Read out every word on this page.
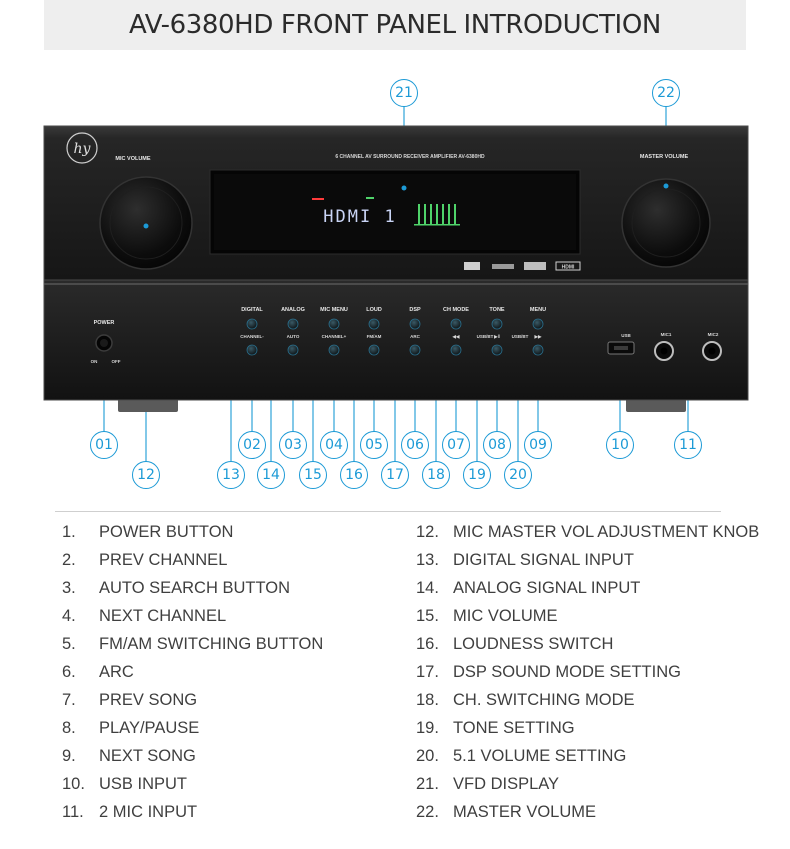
AV-6380HD FRONT PANEL INTRODUCTION
hy
MIC VOLUME	MASTER VOLUME
6 CHANNEL AV SURROUND RECEIVER AMPLIFIER AV-6380HD
HDMI 1
HDMI
POWER
ON	OFF
DIGITAL	ANALOG	MIC MENU	LOUD	DSP	CH MODE	TONE	MENU
CHANNEL-	AUTO	CHANNEL+	FM/AM	ARC	◀◀	USB/BT ▶‖	USB/BT ▶▶	USB	MIC1	MIC2
21	22
01	02	03	04	05	06	07	08	09	10	11
12	13	14	15	16	17	18	19	20
1.	POWER BUTTON
2.	PREV CHANNEL
3.	AUTO SEARCH BUTTON
4.	NEXT CHANNEL
5.	FM/AM SWITCHING BUTTON
6.	ARC
7.	PREV SONG
8.	PLAY/PAUSE
9.	NEXT SONG
10. USB INPUT
11. 2 MIC INPUT
12. MIC MASTER VOL ADJUSTMENT KNOB
13. DIGITAL SIGNAL INPUT
14. ANALOG SIGNAL INPUT
15. MIC VOLUME
16. LOUDNESS SWITCH
17. DSP SOUND MODE SETTING
18. CH. SWITCHING MODE
19. TONE SETTING
20. 5.1 VOLUME SETTING
21. VFD DISPLAY
22. MASTER VOLUME
